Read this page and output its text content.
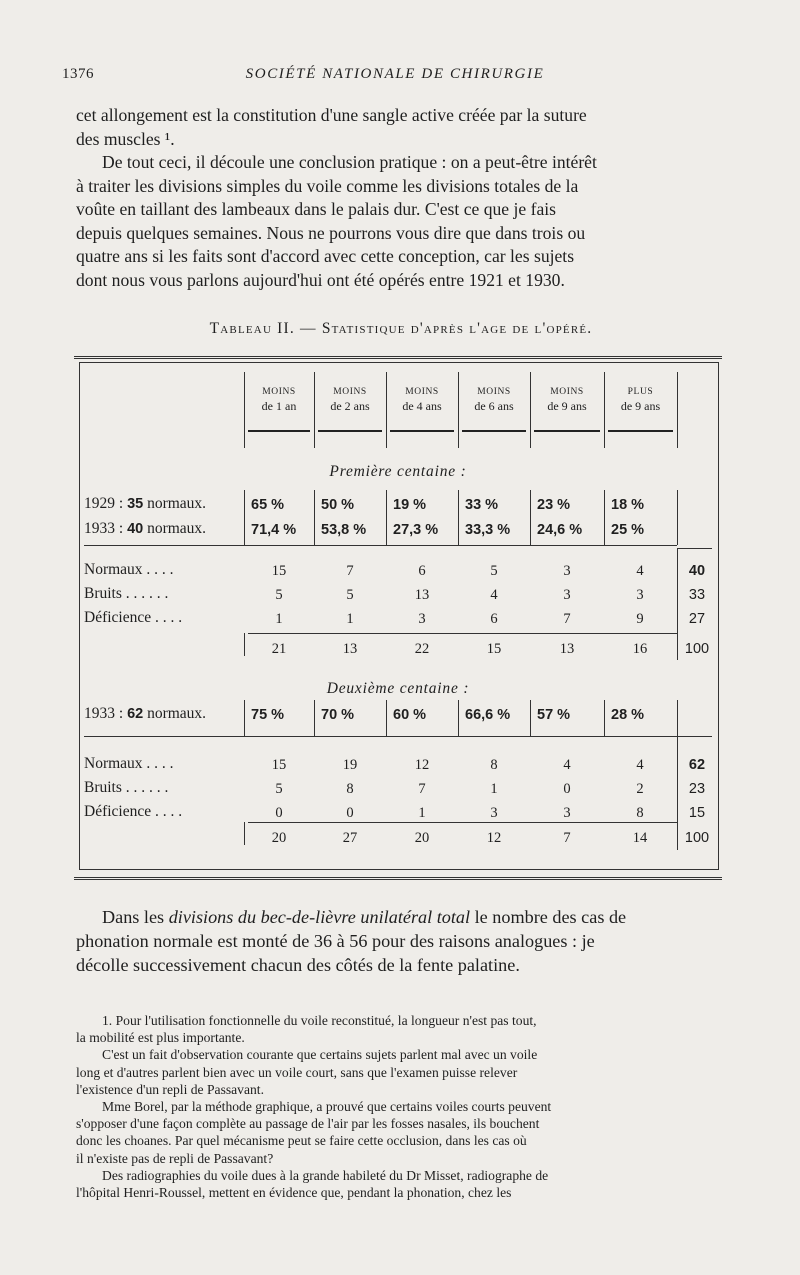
1376	SOCIÉTÉ NATIONALE DE CHIRURGIE

cet allongement est la constitution d'une sangle active créée par la suture
des muscles ¹.
De tout ceci, il découle une conclusion pratique : on a peut-être intérêt
à traiter les divisions simples du voile comme les divisions totales de la
voûte en taillant des lambeaux dans le palais dur. C'est ce que je fais
depuis quelques semaines. Nous ne pourrons vous dire que dans trois ou
quatre ans si les faits sont d'accord avec cette conception, car les sujets
dont nous vous parlons aujourd'hui ont été opérés entre 1921 et 1930.

Tableau II. — Statistique d'après l'age de l'opéré.
MOINS
de 1 an
MOINS
de 2 ans
MOINS
de 4 ans
MOINS
de 6 ans
MOINS
de 9 ans
PLUS
de 9 ans
Première centaine :
1929 : 35 normaux.	65 %	50 %	19 %	33 %	23 %	18 %
1933 : 40 normaux.	71,4 % 53,8 % 27,3 % 33,3 % 24,6 % 25 %
Normaux . . . .	15	7	6	5	3	4	40
Bruits . . . . . .	5	5	13	4	3	3	33
Déficience . . . .	1	1	3	6	7	9	27
21	13	22	15	13	16	100
Deuxième centaine :
1933 : 62 normaux.	75 %	70 %	60 %	66,6 % 57 %	28 %
Normaux . . . .	15	19	12	8	4	4	62
Bruits . . . . . .	5	8	7	1	0	2	23
Déficience . . . .	0	0	1	3	3	8	15
20	27	20	12	7	14	100

Dans les divisions du bec-de-lièvre unilatéral total le nombre des cas de
phonation normale est monté de 36 à 56 pour des raisons analogues : je
décolle successivement chacun des côtés de la fente palatine.

1. Pour l'utilisation fonctionnelle du voile reconstitué, la longueur n'est pas tout,
la mobilité est plus importante.
C'est un fait d'observation courante que certains sujets parlent mal avec un voile
long et d'autres parlent bien avec un voile court, sans que l'examen puisse relever
l'existence d'un repli de Passavant.
Mme Borel, par la méthode graphique, a prouvé que certains voiles courts peuvent
s'opposer d'une façon complète au passage de l'air par les fosses nasales, ils bouchent
donc les choanes. Par quel mécanisme peut se faire cette occlusion, dans les cas où
il n'existe pas de repli de Passavant?
Des radiographies du voile dues à la grande habileté du Dr Misset, radiographe de
l'hôpital Henri-Roussel, mettent en évidence que, pendant la phonation, chez les
